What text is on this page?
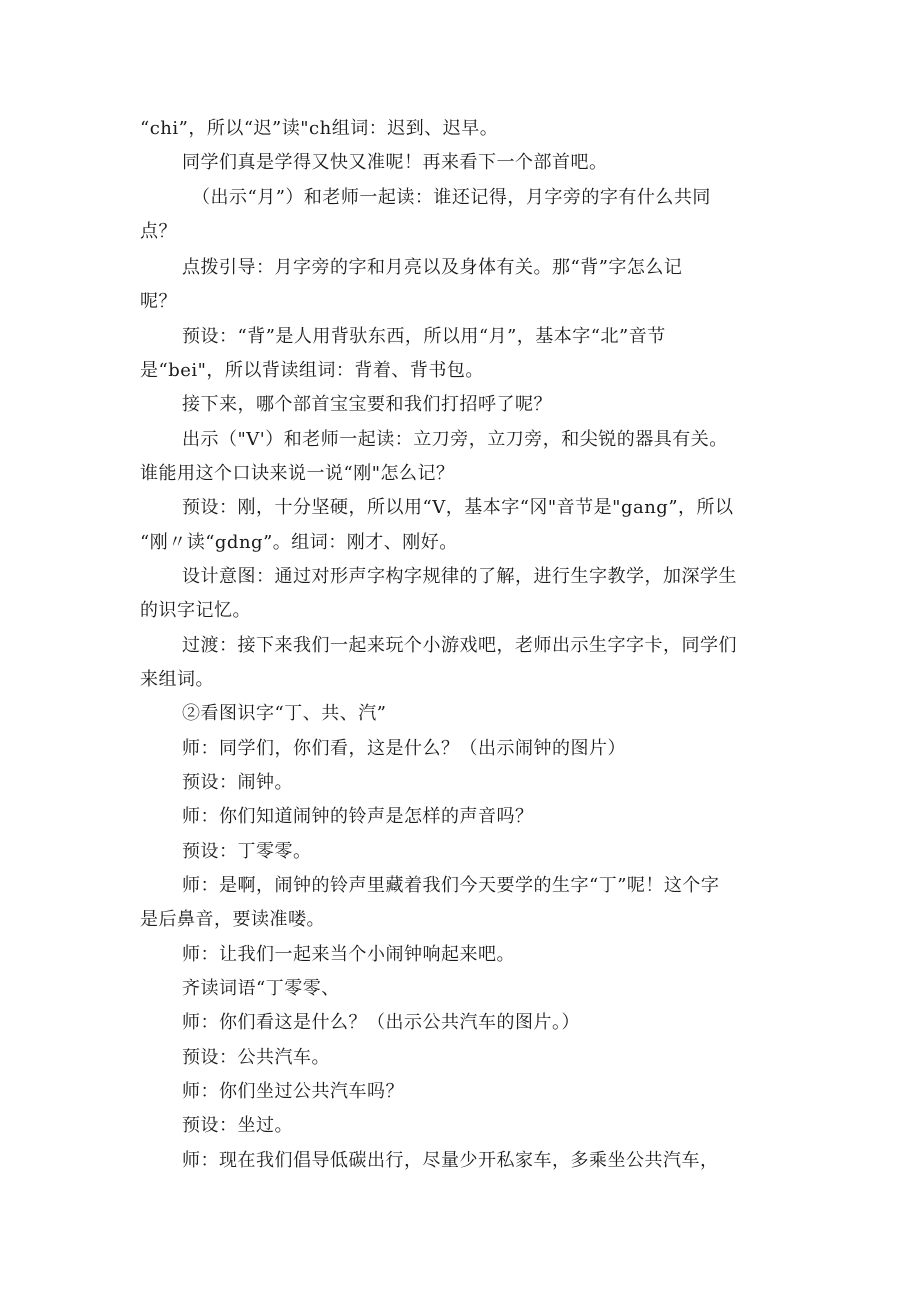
“chi”，所以“迟”读"ch组词：迟到、迟早。
同学们真是学得又快又准呢！再来看下一个部首吧。
（出示“月”）和老师一起读：谁还记得，月字旁的字有什么共同
点？
点拨引导：月字旁的字和月亮以及身体有关。那“背”字怎么记
呢？
预设：“背”是人用背驮东西，所以用“月”，基本字“北”音节
是“bei"，所以背读组词：背着、背书包。
接下来，哪个部首宝宝要和我们打招呼了呢？
出示（"V'）和老师一起读：立刀旁，立刀旁，和尖锐的器具有关。
谁能用这个口诀来说一说“刚"怎么记？
预设：刚，十分坚硬，所以用“V，基本字“冈"音节是"gang”，所以
“刚〃读“gdng”。组词：刚才、刚好。
设计意图：通过对形声字构字规律的了解，进行生字教学，加深学生
的识字记忆。
过渡：接下来我们一起来玩个小游戏吧，老师出示生字字卡，同学们
来组词。
②看图识字“丁、共、汽”
师：同学们，你们看，这是什么？（出示闹钟的图片）
预设：闹钟。
师：你们知道闹钟的铃声是怎样的声音吗？
预设：丁零零。
师：是啊，闹钟的铃声里藏着我们今天要学的生字“丁”呢！这个字
是后鼻音，要读准喽。
师：让我们一起来当个小闹钟响起来吧。
齐读词语“丁零零、
师：你们看这是什么？（出示公共汽车的图片。）
预设：公共汽车。
师：你们坐过公共汽车吗？
预设：坐过。
师：现在我们倡导低碳出行，尽量少开私家车，多乘坐公共汽车，
